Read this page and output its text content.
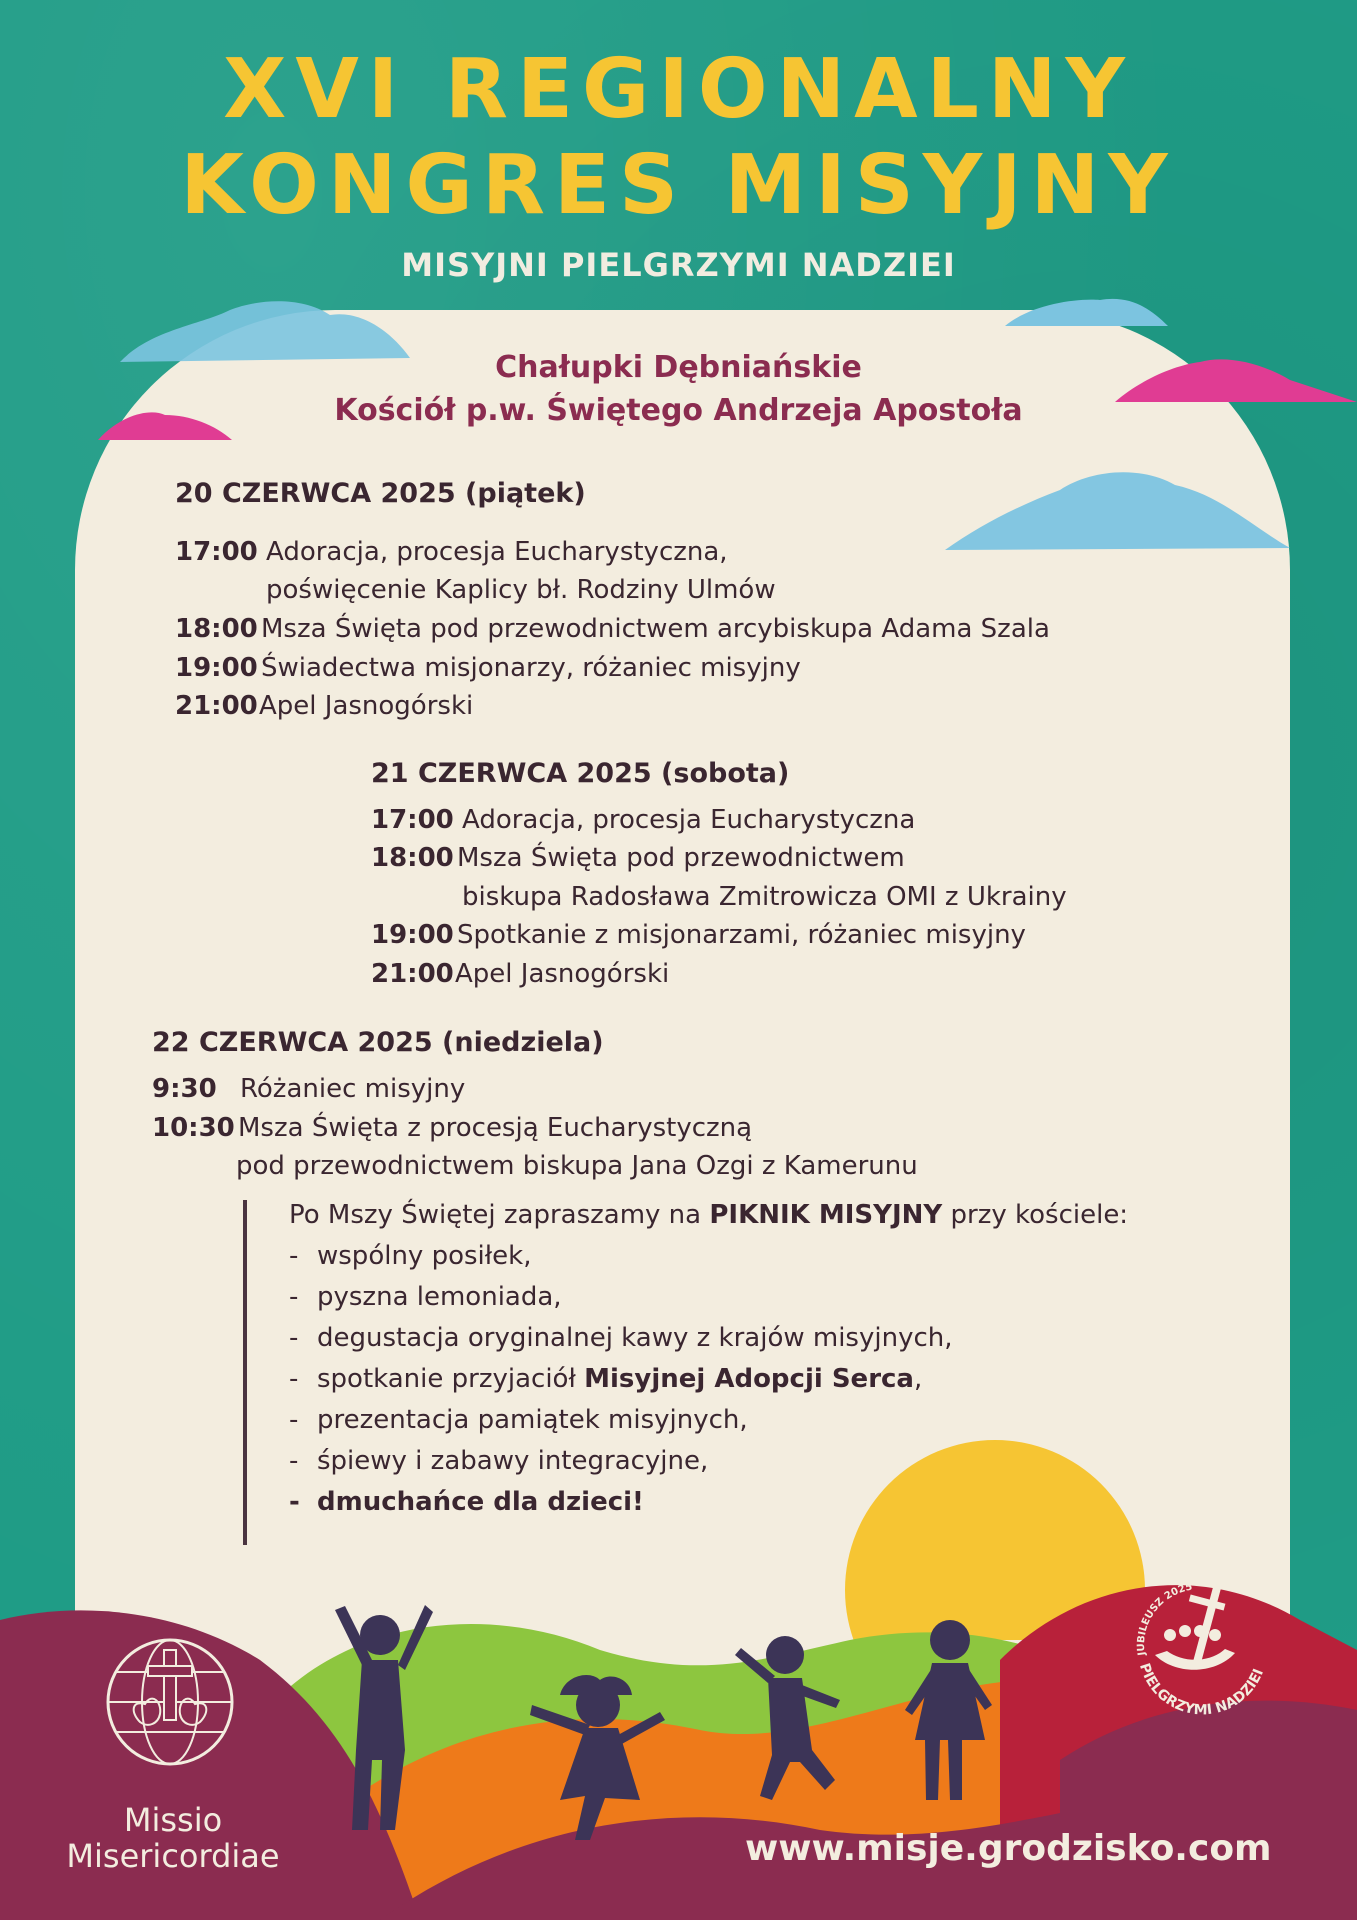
XVI REGIONALNY
KONGRES MISYJNY
MISYJNI PIELGRZYMI NADZIEI
Chałupki Dębniańskie
Kościół p.w. Świętego Andrzeja Apostoła
20 CZERWCA 2025 (piątek)
17:00 Adoracja, procesja Eucharystyczna,
poświęcenie Kaplicy bł. Rodziny Ulmów
18:00 Msza Święta pod przewodnictwem arcybiskupa Adama Szala
19:00 Świadectwa misjonarzy, różaniec misyjny
21:00Apel Jasnogórski
21 CZERWCA 2025 (sobota)
17:00 Adoracja, procesja Eucharystyczna
18:00 Msza Święta pod przewodnictwem
biskupa Radosława Zmitrowicza OMI z Ukrainy
19:00 Spotkanie z misjonarzami, różaniec misyjny
21:00Apel Jasnogórski
22 CZERWCA 2025 (niedziela)
9:30 Różaniec misyjny
10:30 Msza Święta z procesją Eucharystyczną
pod przewodnictwem biskupa Jana Ozgi z Kamerunu
Po Mszy Świętej zapraszamy na PIKNIK MISYJNY przy kościele:
- wspólny posiłek,
- pyszna lemoniada,
- degustacja oryginalnej kawy z krajów misyjnych,
- spotkanie przyjaciół Misyjnej Adopcji Serca,
- prezentacja pamiątek misyjnych,
- śpiewy i zabawy integracyjne,
- dmuchańce dla dzieci!
Missio
Misericordiae
JUBILEUSZ 2025
PIELGRZYMI NADZIEI
www.misje.grodzisko.com
